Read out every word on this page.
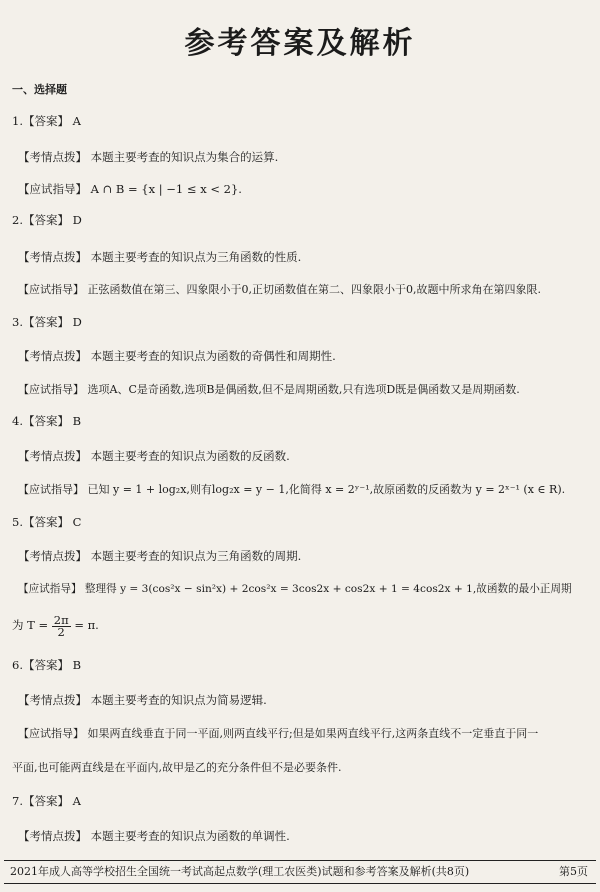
参考答案及解析
一、选择题
1.【答案】 A
【考情点拨】 本题主要考查的知识点为集合的运算.
【应试指导】 A ∩ B = {x | −1 ≤ x < 2}.
2.【答案】 D
【考情点拨】 本题主要考查的知识点为三角函数的性质.
【应试指导】 正弦函数值在第三、四象限小于0,正切函数值在第二、四象限小于0,故题中所求角在第四象限.
3.【答案】 D
【考情点拨】 本题主要考查的知识点为函数的奇偶性和周期性.
【应试指导】 选项A、C是奇函数,选项B是偶函数,但不是周期函数,只有选项D既是偶函数又是周期函数.
4.【答案】 B
【考情点拨】 本题主要考查的知识点为函数的反函数.
【应试指导】 已知 y = 1 + log₂x,则有log₂x = y − 1,化简得 x = 2ʸ⁻¹,故原函数的反函数为 y = 2ˣ⁻¹ (x ∈ R).
5.【答案】 C
【考情点拨】 本题主要考查的知识点为三角函数的周期.
【应试指导】 整理得 y = 3(cos²x − sin²x) + 2cos²x = 3cos2x + cos2x + 1 = 4cos2x + 1,故函数的最小正周期
为 $T = \frac{2\pi}{2} = \pi$.
6.【答案】 B
【考情点拨】 本题主要考查的知识点为简易逻辑.
【应试指导】 如果两直线垂直于同一平面,则两直线平行;但是如果两直线平行,这两条直线不一定垂直于同一
平面,也可能两直线是在平面内,故甲是乙的充分条件但不是必要条件.
7.【答案】 A
【考情点拨】 本题主要考查的知识点为函数的单调性.
2021年成人高等学校招生全国统一考试高起点数学(理工农医类)试题和参考答案及解析(共8页)	第5页
